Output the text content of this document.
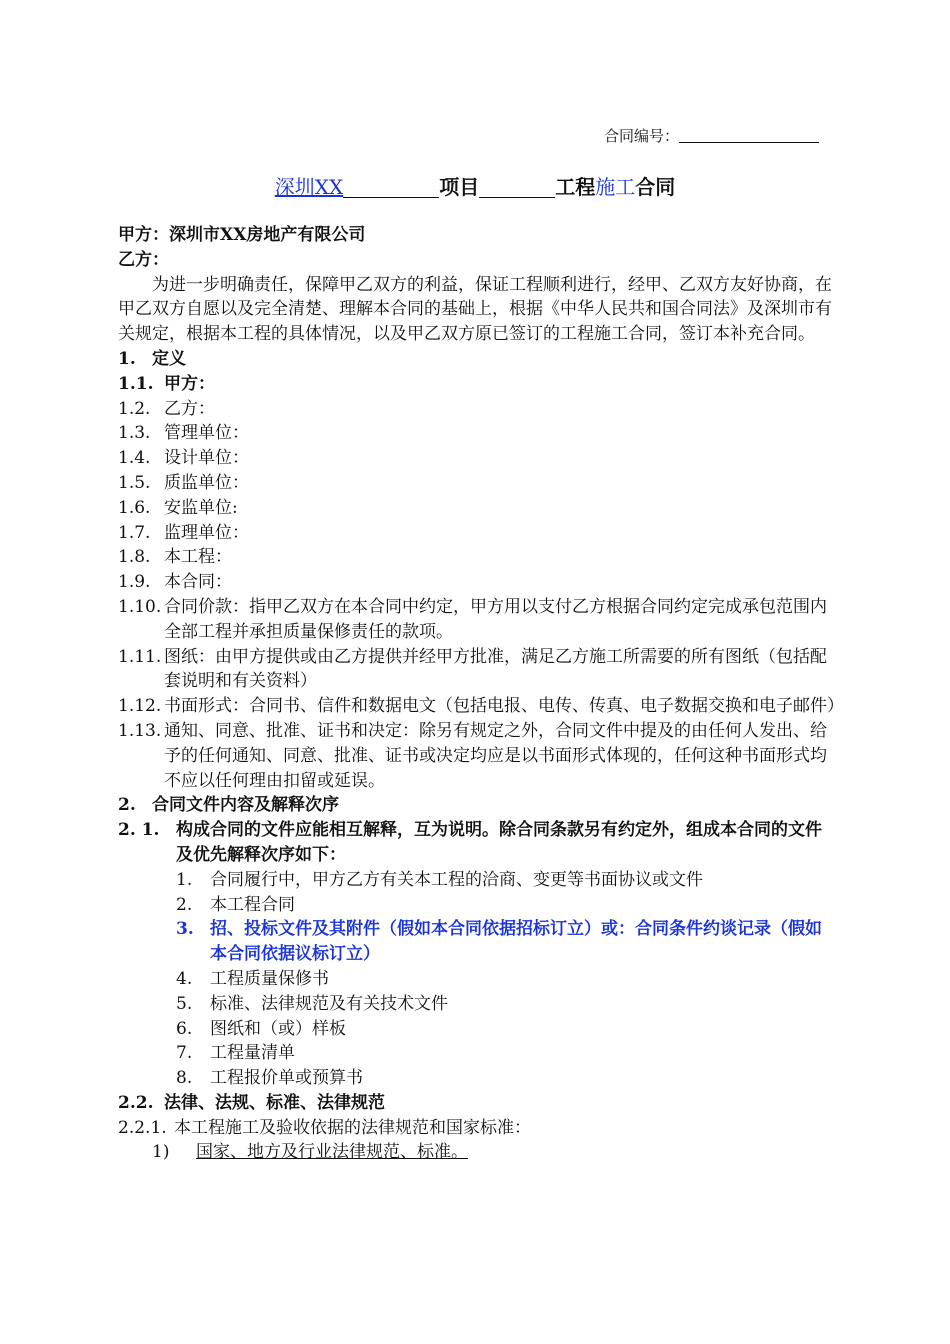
合同编号：
深圳XX	项目	工程施工合同
甲方：深圳市XX房地产有限公司
乙方：
为进一步明确责任，保障甲乙双方的利益，保证工程顺利进行，经甲、乙双方友好协商，在甲乙双方自愿以及完全清楚、理解本合同的基础上，根据《中华人民共和国合同法》及深圳市有关规定，根据本工程的具体情况，以及甲乙双方原已签订的工程施工合同，签订本补充合同。
1. 定义
1.1. 甲方：
1.2. 乙方：
1.3. 管理单位：
1.4. 设计单位：
1.5. 质监单位：
1.6. 安监单位:
1.7. 监理单位：
1.8. 本工程：
1.9. 本合同：
1.10. 合同价款：指甲乙双方在本合同中约定，甲方用以支付乙方根据合同约定完成承包范围内全部工程并承担质量保修责任的款项。
1.11. 图纸：由甲方提供或由乙方提供并经甲方批准，满足乙方施工所需要的所有图纸（包括配套说明和有关资料）
1.12. 书面形式：合同书、信件和数据电文（包括电报、电传、传真、电子数据交换和电子邮件）
1.13. 通知、同意、批准、证书和决定：除另有规定之外，合同文件中提及的由任何人发出、给予的任何通知、同意、批准、证书或决定均应是以书面形式体现的，任何这种书面形式均不应以任何理由扣留或延误。
2. 合同文件内容及解释次序
2. 1. 构成合同的文件应能相互解释，互为说明。除合同条款另有约定外，组成本合同的文件及优先解释次序如下：
1. 合同履行中，甲方乙方有关本工程的洽商、变更等书面协议或文件
2. 本工程合同
3. 招、投标文件及其附件（假如本合同依据招标订立）或：合同条件约谈记录（假如本合同依据议标订立）
4. 工程质量保修书
5. 标准、法律规范及有关技术文件
6. 图纸和（或）样板
7. 工程量清单
8. 工程报价单或预算书
2.2. 法律、法规、标准、法律规范
2.2.1. 本工程施工及验收依据的法律规范和国家标准：
1) 国家、地方及行业法律规范、标准。
